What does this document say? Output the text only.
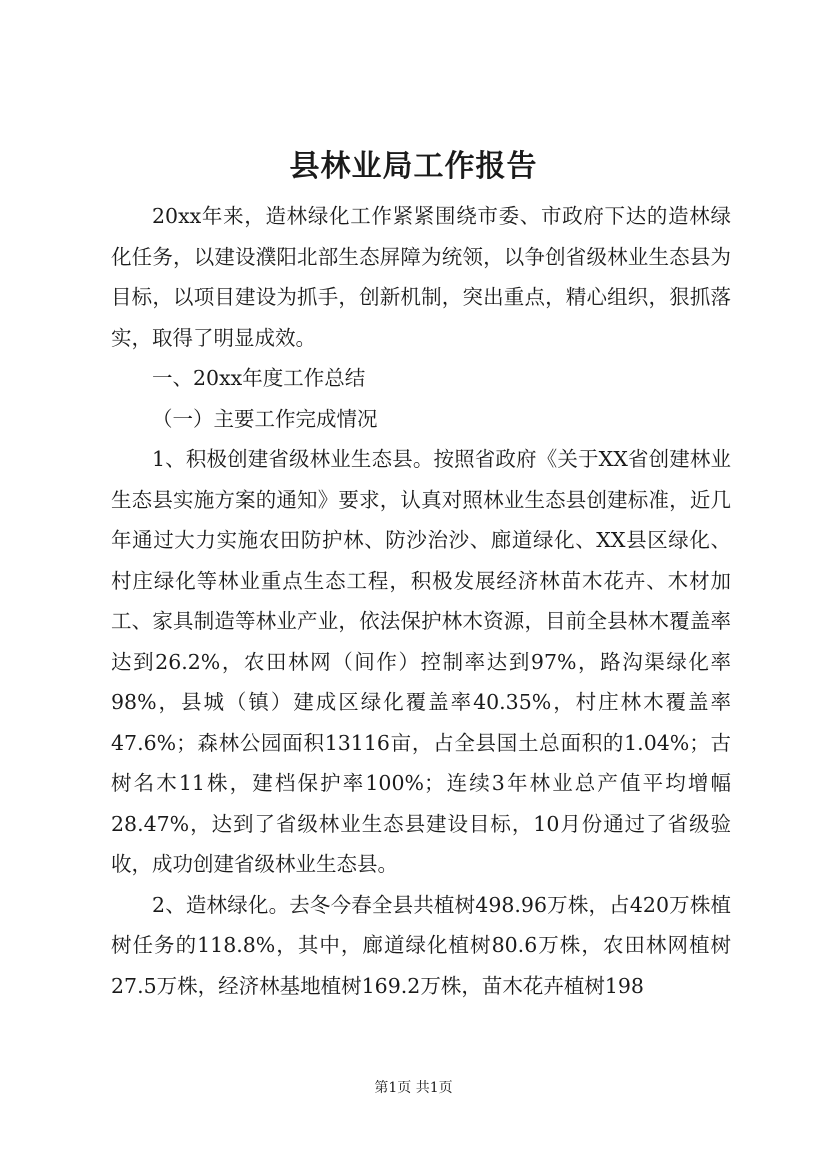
县林业局工作报告

20xx年来，造林绿化工作紧紧围绕市委、市政府下达的造林绿化任务，以建设濮阳北部生态屏障为统领，以争创省级林业生态县为目标，以项目建设为抓手，创新机制，突出重点，精心组织，狠抓落实，取得了明显成效。

一、20xx年度工作总结

（一）主要工作完成情况

1、积极创建省级林业生态县。按照省政府《关于XX省创建林业生态县实施方案的通知》要求，认真对照林业生态县创建标准，近几年通过大力实施农田防护林、防沙治沙、廊道绿化、XX县区绿化、村庄绿化等林业重点生态工程，积极发展经济林苗木花卉、木材加工、家具制造等林业产业，依法保护林木资源，目前全县林木覆盖率达到26.2%，农田林网（间作）控制率达到97%，路沟渠绿化率98%，县城（镇）建成区绿化覆盖率40.35%，村庄林木覆盖率47.6%；森林公园面积13116亩，占全县国土总面积的1.04%；古树名木11株，建档保护率100%；连续3年林业总产值平均增幅28.47%，达到了省级林业生态县建设目标，10月份通过了省级验收，成功创建省级林业生态县。

2、造林绿化。去冬今春全县共植树498.96万株，占420万株植树任务的118.8%，其中，廊道绿化植树80.6万株，农田林网植树27.5万株，经济林基地植树169.2万株，苗木花卉植树198

第1页 共1页
